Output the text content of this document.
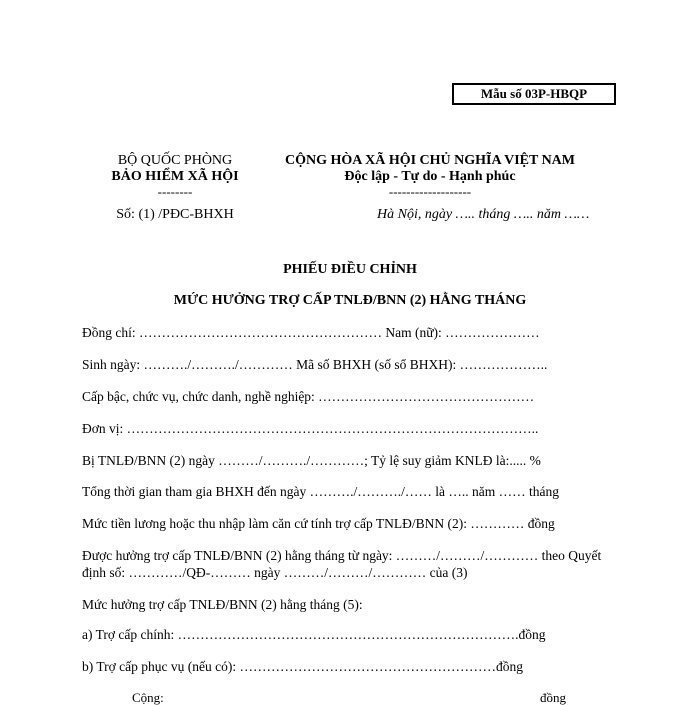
Mẫu số 03P-HBQP
BỘ QUỐC PHÒNG
BẢO HIỂM XÃ HỘI
--------
Số: (1) /PĐC-BHXH
CỘNG HÒA XÃ HỘI CHỦ NGHĨA VIỆT NAM
Độc lập - Tự do - Hạnh phúc
-------------------
Hà Nội, ngày ….. tháng ….. năm ……
PHIẾU ĐIỀU CHỈNH
MỨC HƯỞNG TRỢ CẤP TNLĐ/BNN (2) HẰNG THÁNG
Đồng chí: ……………………………………………… Nam (nữ): …………………
Sinh ngày: ………./………./………… Mã số BHXH (số sổ BHXH): ………………..
Cấp bậc, chức vụ, chức danh, nghề nghiệp: …………………………………………
Đơn vị: ………………………………………………………………………………..
Bị TNLĐ/BNN (2) ngày ………/………./…………; Tỷ lệ suy giảm KNLĐ là:..... %
Tổng thời gian tham gia BHXH đến ngày ………./………./…… là ….. năm …… tháng
Mức tiền lương hoặc thu nhập làm căn cứ tính trợ cấp TNLĐ/BNN (2): ………… đồng
Được hưởng trợ cấp TNLĐ/BNN (2) hằng tháng từ ngày: ………/………/………… theo Quyết
định số: …………/QĐ-……… ngày ………/………/………… của (3)
Mức hưởng trợ cấp TNLĐ/BNN (2) hằng tháng (5):
a) Trợ cấp chính: ………………………………………………………………….đồng
b) Trợ cấp phục vụ (nếu có): …………………………………………………đồng
Cộng:	đồng
